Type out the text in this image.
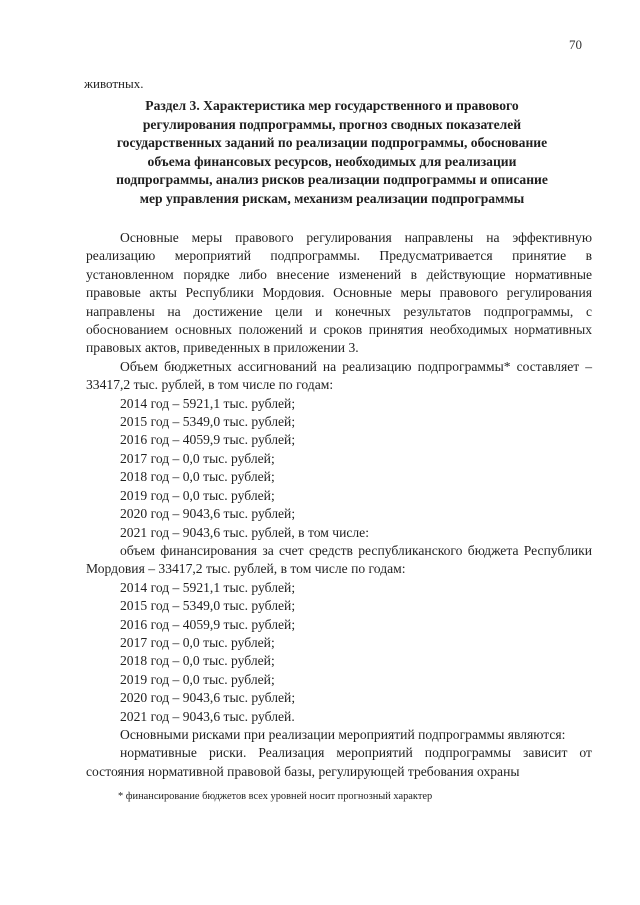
70
животных.
Раздел 3. Характеристика мер государственного и правового
регулирования подпрограммы, прогноз сводных показателей
государственных заданий по реализации подпрограммы, обоснование
объема финансовых ресурсов, необходимых для реализации
подпрограммы, анализ рисков реализации подпрограммы и описание
мер управления рискам, механизм реализации подпрограммы

Основные меры правового регулирования направлены на эффективную реализацию мероприятий подпрограммы. Предусматривается принятие в установленном порядке либо внесение изменений в действующие нормативные правовые акты Республики Мордовия. Основные меры правового регулирования направлены на достижение цели и конечных результатов подпрограммы, с обоснованием основных положений и сроков принятия необходимых нормативных правовых актов, приведенных в приложении 3.

Объем бюджетных ассигнований на реализацию подпрограммы* составляет – 33417,2 тыс. рублей, в том числе по годам:

2014 год – 5921,1 тыс. рублей;

2015 год – 5349,0 тыс. рублей;

2016 год – 4059,9 тыс. рублей;

2017 год – 0,0 тыс. рублей;

2018 год – 0,0 тыс. рублей;

2019 год – 0,0 тыс. рублей;

2020 год – 9043,6 тыс. рублей;

2021 год – 9043,6 тыс. рублей, в том числе:

объем финансирования за счет средств республиканского бюджета Республики Мордовия – 33417,2 тыс. рублей, в том числе по годам:

2014 год – 5921,1 тыс. рублей;

2015 год – 5349,0 тыс. рублей;

2016 год – 4059,9 тыс. рублей;

2017 год – 0,0 тыс. рублей;

2018 год – 0,0 тыс. рублей;

2019 год – 0,0 тыс. рублей;

2020 год – 9043,6 тыс. рублей;

2021 год – 9043,6 тыс. рублей.

Основными рисками при реализации мероприятий подпрограммы являются:

нормативные риски. Реализация мероприятий подпрограммы зависит от состояния нормативной правовой базы, регулирующей требования охраны

* финансирование бюджетов всех уровней носит прогнозный характер
